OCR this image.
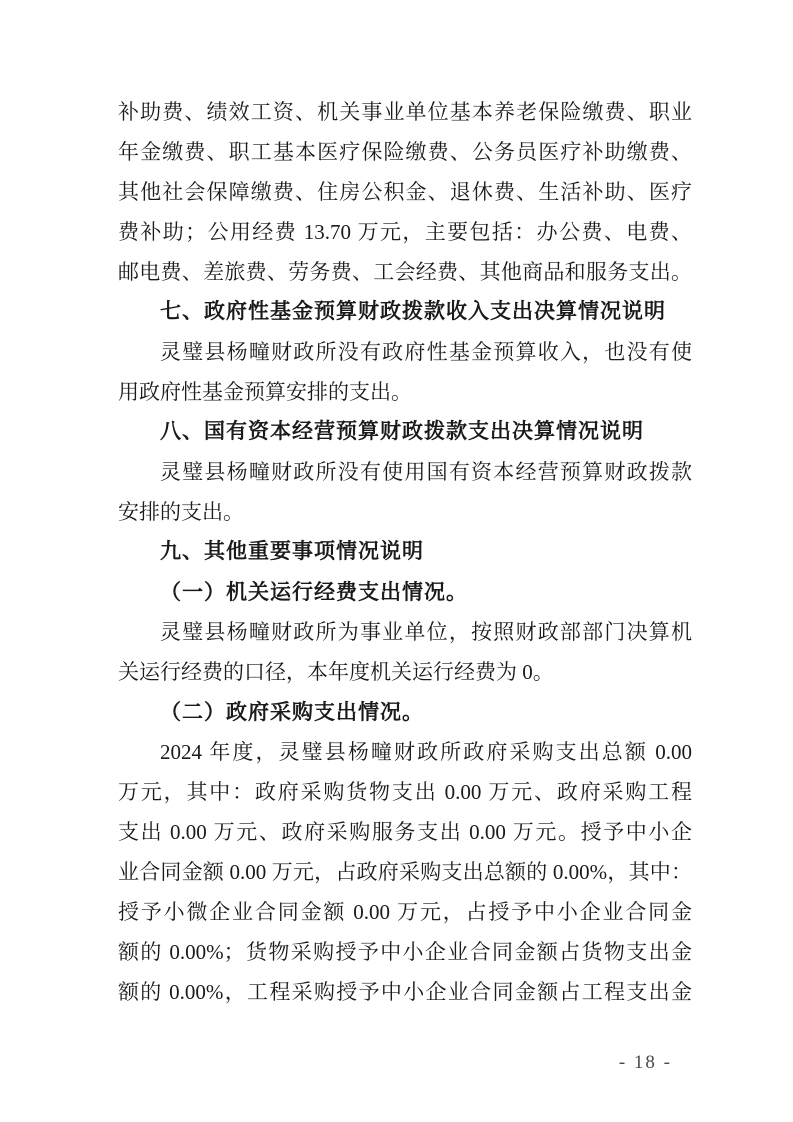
补助费、绩效工资、机关事业单位基本养老保险缴费、职业
年金缴费、职工基本医疗保险缴费、公务员医疗补助缴费、
其他社会保障缴费、住房公积金、退休费、生活补助、医疗
费补助；公用经费 13.70 万元，主要包括：办公费、电费、
邮电费、差旅费、劳务费、工会经费、其他商品和服务支出。
七、政府性基金预算财政拨款收入支出决算情况说明
灵璧县杨疃财政所没有政府性基金预算收入，也没有使
用政府性基金预算安排的支出。
八、国有资本经营预算财政拨款支出决算情况说明
灵璧县杨疃财政所没有使用国有资本经营预算财政拨款
安排的支出。
九、其他重要事项情况说明
（一）机关运行经费支出情况。
灵璧县杨疃财政所为事业单位，按照财政部部门决算机
关运行经费的口径，本年度机关运行经费为 0。
（二）政府采购支出情况。
2024 年度，灵璧县杨疃财政所政府采购支出总额 0.00
万元，其中：政府采购货物支出 0.00 万元、政府采购工程
支出 0.00 万元、政府采购服务支出 0.00 万元。授予中小企
业合同金额 0.00 万元，占政府采购支出总额的 0.00%，其中：
授予小微企业合同金额 0.00 万元，占授予中小企业合同金
额的 0.00%；货物采购授予中小企业合同金额占货物支出金
额的 0.00%，工程采购授予中小企业合同金额占工程支出金
- 18 -
